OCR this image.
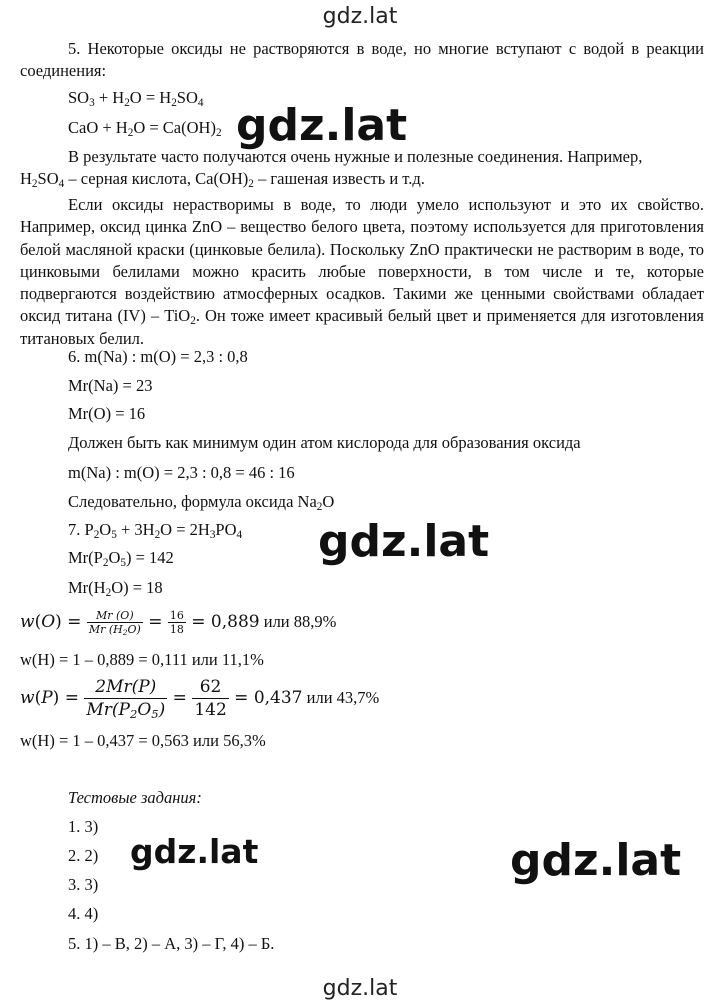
gdz.lat
5. Некоторые оксиды не растворяются в воде, но многие вступают с водой в реакции соединения:
$SO_3 + H_2O = H_2SO_4$
CaO + $H_2O = Ca(OH)_2$ gdz.lat
В результате часто получаются очень нужные и полезные соединения. Например,
$H_2SO_4$ – серная кислота, $Ca(OH)_2$ – гашеная известь и т.д.
Если оксиды нерастворимы в воде, то люди умело используют и это их свойство. Например, оксид цинка ZnO – вещество белого цвета, поэтому используется для приготовления белой масляной краски (цинковые белила). Поскольку ZnO практически не растворим в воде, то цинковыми белилами можно красить любые поверхности, в том числе и те, которые подвергаются воздействию атмосферных осадков. Такими же ценными свойствами обладает оксид титана (IV) – TiO$_2$. Он тоже имеет красивый белый цвет и применяется для изготовления титановых белил.
6. m(Na) : m(O) = 2,3 : 0,8
Mr(Na) = 23
Mr(O) = 16
Должен быть как минимум один атом кислорода для образования оксида
m(Na) : m(O) = 2,3 : 0,8 = 46 : 16
Следовательно, формула оксида $Na_2O$
7. $P_2O_5 + 3H_2O = 2H_3PO_4$
$Mr(P_2O_5) = 142$
$Mr(H_2O) = 18$
gdz.lat
$w(O) = \frac{Mr (O)}{Mr (H_2O)} = \frac{16}{18} = 0,889$ или 88,9%
w(H) = 1 – 0,889 = 0,111 или 11,1%
$w(P) = \frac{2Mr(P)}{Mr(P_2O_5)} = \frac{62}{142} = 0,437$ или 43,7%
w(H) = 1 – 0,437 = 0,563 или 56,3%
Тестовые задания:
1. 3)
2. 2)
3. 3)
4. 4)
5. 1) – В, 2) – А, 3) – Г, 4) – Б.
gdz.lat	gdz.lat
gdz.lat
